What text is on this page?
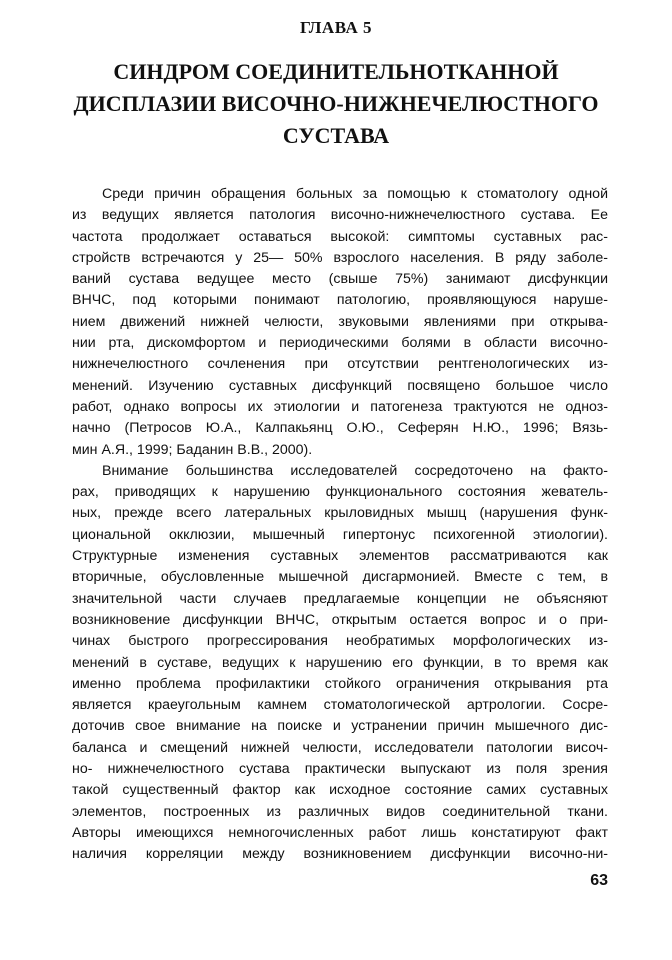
ГЛАВА 5
СИНДРОМ СОЕДИНИТЕЛЬНОТКАННОЙ
ДИСПЛАЗИИ ВИСОЧНО-НИЖНЕЧЕЛЮСТНОГО
СУСТАВА
Среди причин обращения больных за помощью к стоматологу одной
из ведущих является патология височно-нижнечелюстного сустава. Ее
частота продолжает оставаться высокой: симптомы суставных рас-
стройств встречаются у 25— 50% взрослого населения. В ряду заболе-
ваний сустава ведущее место (свыше 75%) занимают дисфункции
ВНЧС, под которыми понимают патологию, проявляющуюся наруше-
нием движений нижней челюсти, звуковыми явлениями при открыва-
нии рта, дискомфортом и периодическими болями в области височно-
нижнечелюстного сочленения при отсутствии рентгенологических из-
менений. Изучению суставных дисфункций посвящено большое число
работ, однако вопросы их этиологии и патогенеза трактуются не одноз-
начно (Петросов Ю.А., Калпакьянц О.Ю., Сеферян Н.Ю., 1996; Вязь-
мин А.Я., 1999; Баданин В.В., 2000).
Внимание большинства исследователей сосредоточено на факто-
рах, приводящих к нарушению функционального состояния жеватель-
ных, прежде всего латеральных крыловидных мышц (нарушения функ-
циональной окклюзии, мышечный гипертонус психогенной этиологии).
Структурные изменения суставных элементов рассматриваются как
вторичные, обусловленные мышечной дисгармонией. Вместе с тем, в
значительной части случаев предлагаемые концепции не объясняют
возникновение дисфункции ВНЧС, открытым остается вопрос и о при-
чинах быстрого прогрессирования необратимых морфологических из-
менений в суставе, ведущих к нарушению его функции, в то время как
именно проблема профилактики стойкого ограничения открывания рта
является краеугольным камнем стоматологической артрологии. Сосре-
доточив свое внимание на поиске и устранении причин мышечного дис-
баланса и смещений нижней челюсти, исследователи патологии височ-
но- нижнечелюстного сустава практически выпускают из поля зрения
такой существенный фактор как исходное состояние самих суставных
элементов, построенных из различных видов соединительной ткани.
Авторы имеющихся немногочисленных работ лишь констатируют факт
наличия корреляции между возникновением дисфункции височно-ни-
63
